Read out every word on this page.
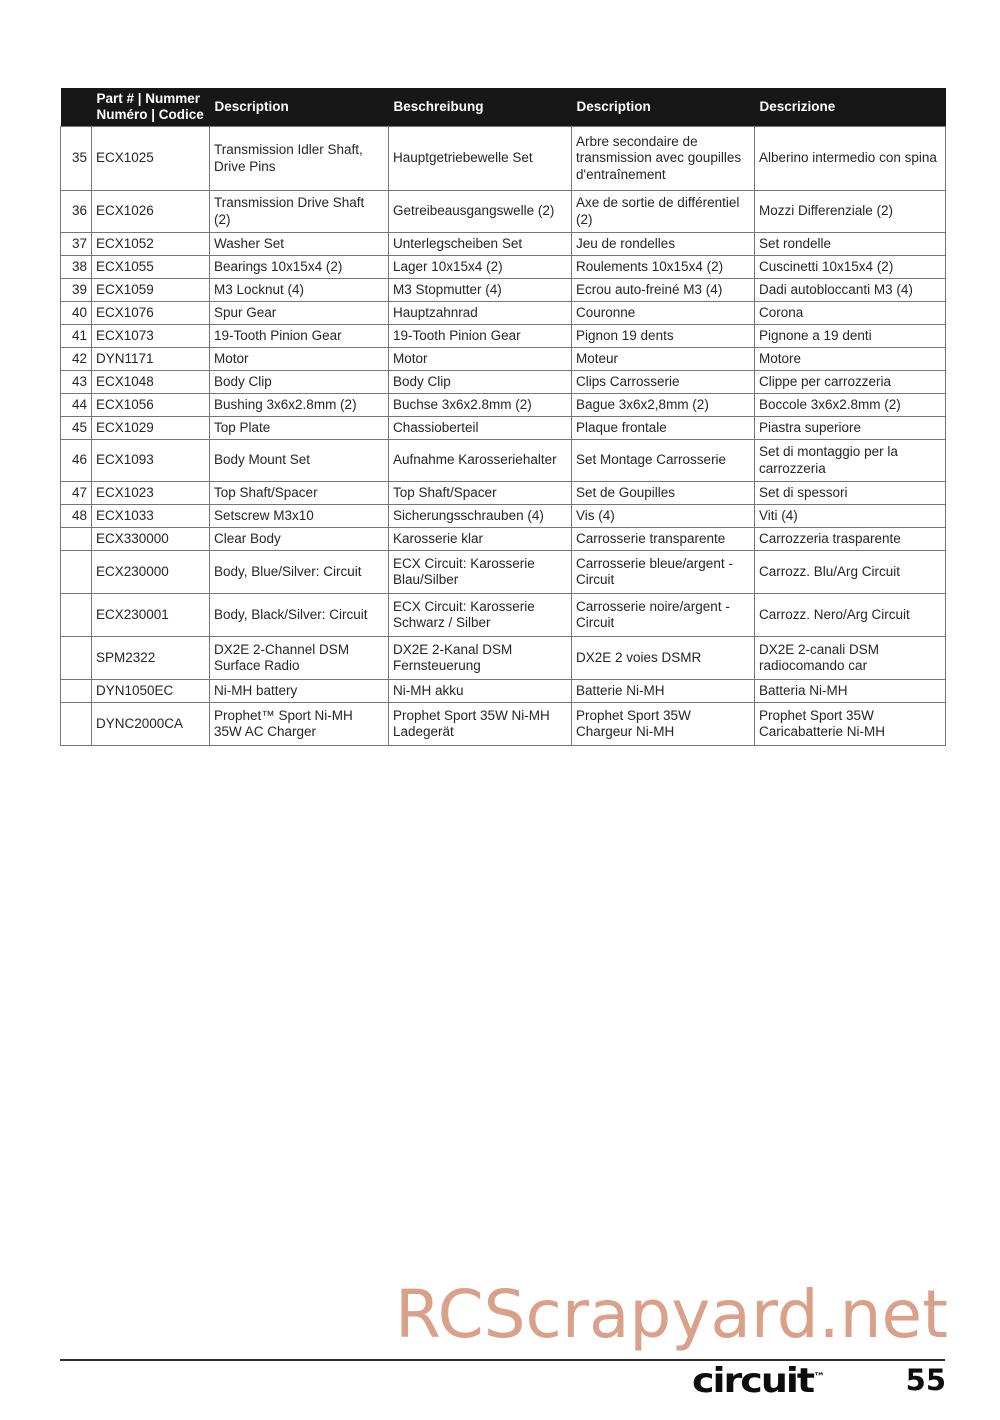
	Part # | Nummer
Numéro | Codice	Description	Beschreibung	Description	Descrizione
35	ECX1025	Transmission Idler Shaft, Drive Pins	Hauptgetriebewelle Set	Arbre secondaire de transmission avec goupilles d'entraînement	Alberino intermedio con spina
36	ECX1026	Transmission Drive Shaft (2)	Getreibeausgangswelle (2)	Axe de sortie de différentiel (2)	Mozzi Differenziale (2)
37	ECX1052	Washer Set	Unterlegscheiben Set	Jeu de rondelles	Set rondelle
38	ECX1055	Bearings 10x15x4 (2)	Lager 10x15x4 (2)	Roulements 10x15x4 (2)	Cuscinetti 10x15x4 (2)
39	ECX1059	M3 Locknut (4)	M3 Stopmutter (4)	Ecrou auto-freiné M3 (4)	Dadi autobloccanti M3 (4)
40	ECX1076	Spur Gear	Hauptzahnrad	Couronne	Corona
41	ECX1073	19-Tooth Pinion Gear	19-Tooth Pinion Gear	Pignon 19 dents	Pignone a 19 denti
42	DYN1171	Motor	Motor	Moteur	Motore
43	ECX1048	Body Clip	Body Clip	Clips Carrosserie	Clippe per carrozzeria
44	ECX1056	Bushing 3x6x2.8mm (2)	Buchse 3x6x2.8mm (2)	Bague 3x6x2,8mm (2)	Boccole 3x6x2.8mm (2)
45	ECX1029	Top Plate	Chassioberteil	Plaque frontale	Piastra superiore
46	ECX1093	Body Mount Set	Aufnahme Karosseriehalter	Set Montage Carrosserie	Set di montaggio per la carrozzeria
47	ECX1023	Top Shaft/Spacer	Top Shaft/Spacer	Set de Goupilles	Set di spessori
48	ECX1033	Setscrew M3x10	Sicherungsschrauben (4)	Vis (4)	Viti (4)
	ECX330000	Clear Body	Karosserie klar	Carrosserie transparente	Carrozzeria trasparente
	ECX230000	Body, Blue/Silver: Circuit	ECX Circuit: Karosserie Blau/Silber	Carrosserie bleue/argent - Circuit	Carrozz. Blu/Arg Circuit
	ECX230001	Body, Black/Silver: Circuit	ECX Circuit: Karosserie Schwarz / Silber	Carrosserie noire/argent - Circuit	Carrozz. Nero/Arg Circuit
	SPM2322	DX2E 2-Channel DSM Surface Radio	DX2E 2-Kanal DSM Fernsteuerung	DX2E 2 voies DSMR	DX2E 2-canali DSM radiocomando car
	DYN1050EC	Ni-MH battery	Ni-MH akku	Batterie Ni-MH	Batteria Ni-MH
	DYNC2000CA	Prophet™ Sport Ni-MH 35W AC Charger	Prophet Sport 35W Ni-MH Ladegerät	Prophet Sport 35W Chargeur Ni-MH	Prophet Sport 35W Caricabatterie Ni-MH
RCScrapyard.net
circuit™	55
